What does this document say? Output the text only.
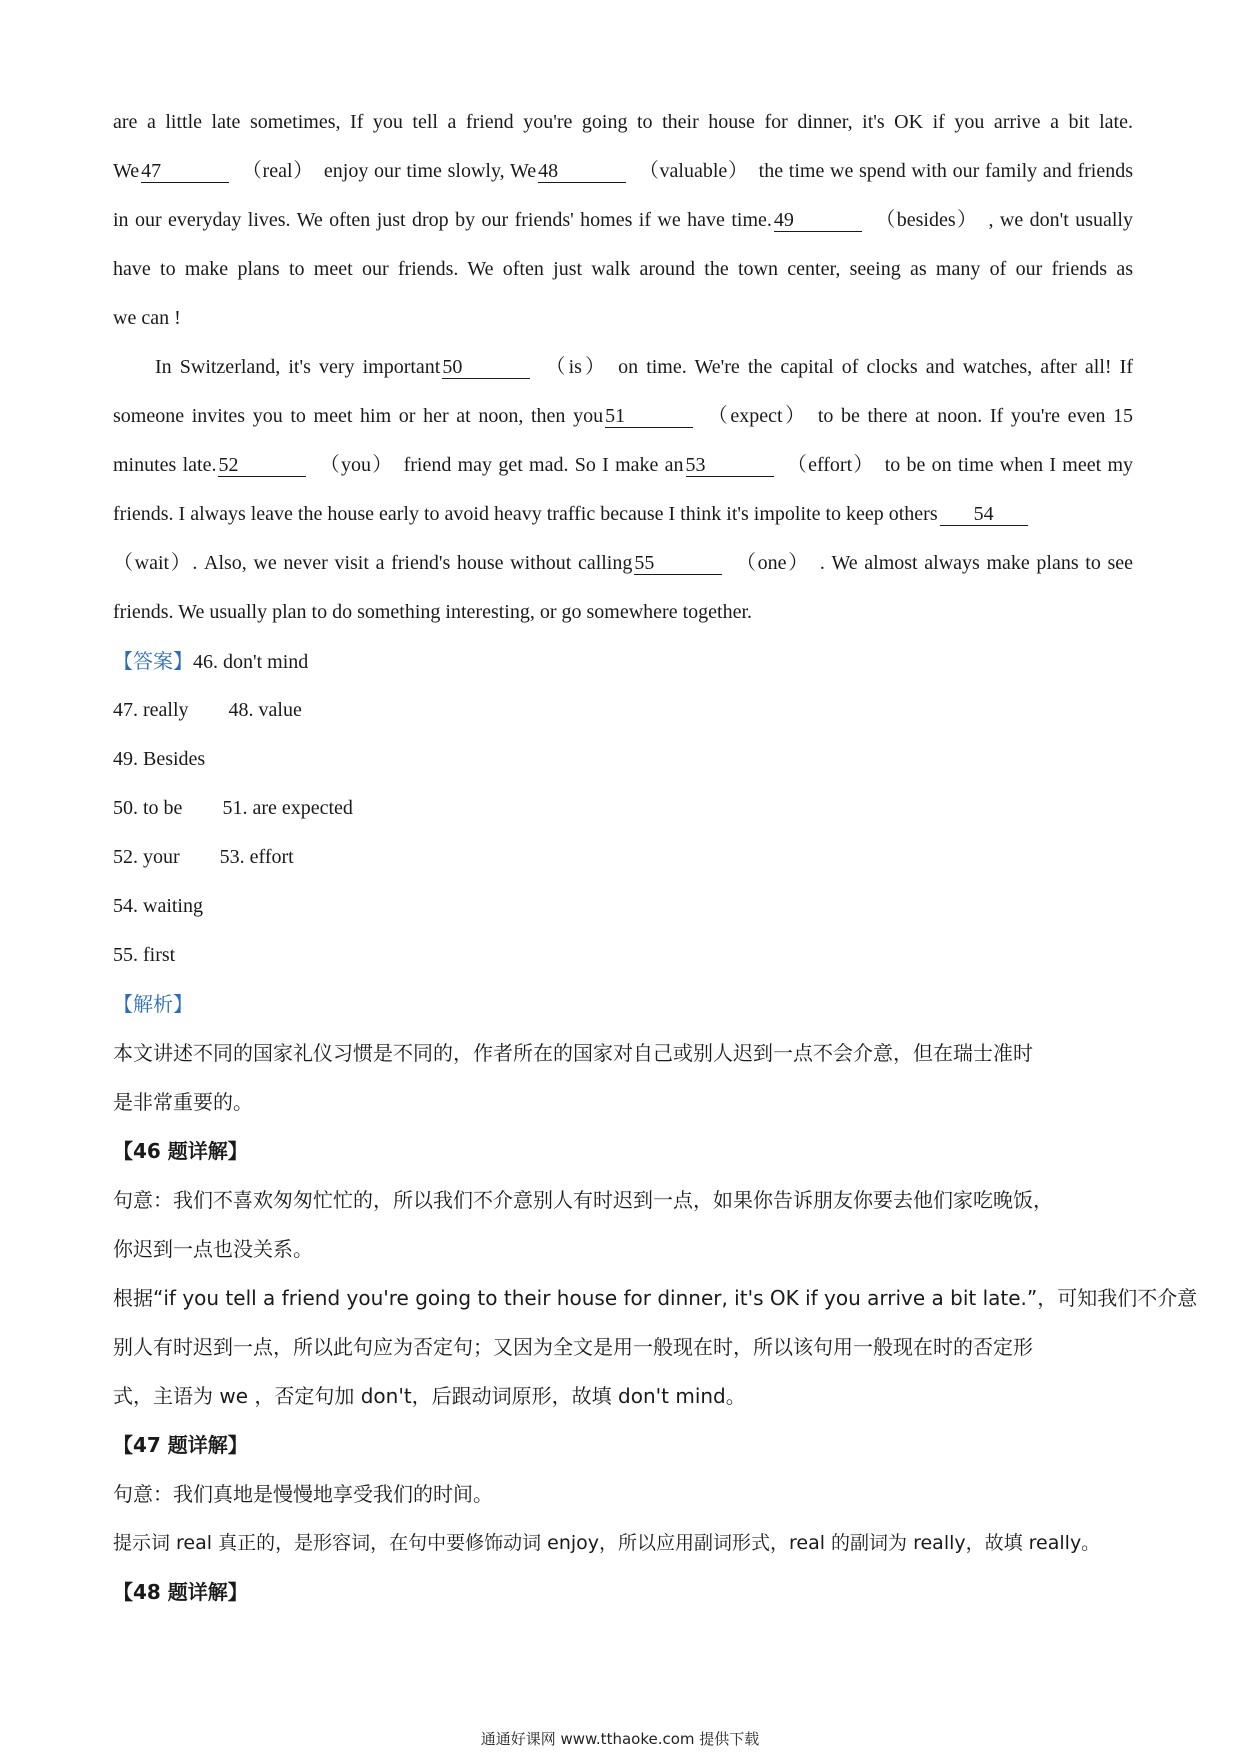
are a little late sometimes, If you tell a friend you're going to their house for dinner, it's OK if you arrive a bit late.
We 47	（real） enjoy our time slowly, We 48	（valuable） the time we spend with our family and friends
in our everyday lives. We often just drop by our friends' homes if we have time. 49	（besides） , we don't usually
have to make plans to meet our friends. We often just walk around the town center, seeing as many of our friends as
we can !
In Switzerland, it's very important 50	（is） on time. We're the capital of clocks and watches, after all! If
someone invites you to meet him or her at noon, then you 51	（expect） to be there at noon. If you're even 15
minutes late. 52	（you） friend may get mad. So I make an 53	（effort） to be on time when I meet my
friends. I always leave the house early to avoid heavy traffic because I think it's impolite to keep others 54
（wait）. Also, we never visit a friend's house without calling 55	（one） . We almost always make plans to see
friends. We usually plan to do something interesting, or go somewhere together.
【答案】46. don't mind
47. really 48. value
49. Besides
50. to be 51. are expected
52. your 53. effort
54. waiting
55. first
【解析】
本文讲述不同的国家礼仪习惯是不同的，作者所在的国家对自己或别人迟到一点不会介意，但在瑞士准时
是非常重要的。
【46 题详解】
句意：我们不喜欢匆匆忙忙的，所以我们不介意别人有时迟到一点，如果你告诉朋友你要去他们家吃晚饭，
你迟到一点也没关系。
根据“if you tell a friend you're going to their house for dinner, it's OK if you arrive a bit late.”，可知我们不介意
别人有时迟到一点，所以此句应为否定句；又因为全文是用一般现在时，所以该句用一般现在时的否定形
式，主语为 we ，否定句加 don't，后跟动词原形，故填 don't mind。
【47 题详解】
句意：我们真地是慢慢地享受我们的时间。
提示词 real 真正的，是形容词，在句中要修饰动词 enjoy，所以应用副词形式，real 的副词为 really，故填 really。
【48 题详解】
通通好课网 www.tthaoke.com 提供下载
